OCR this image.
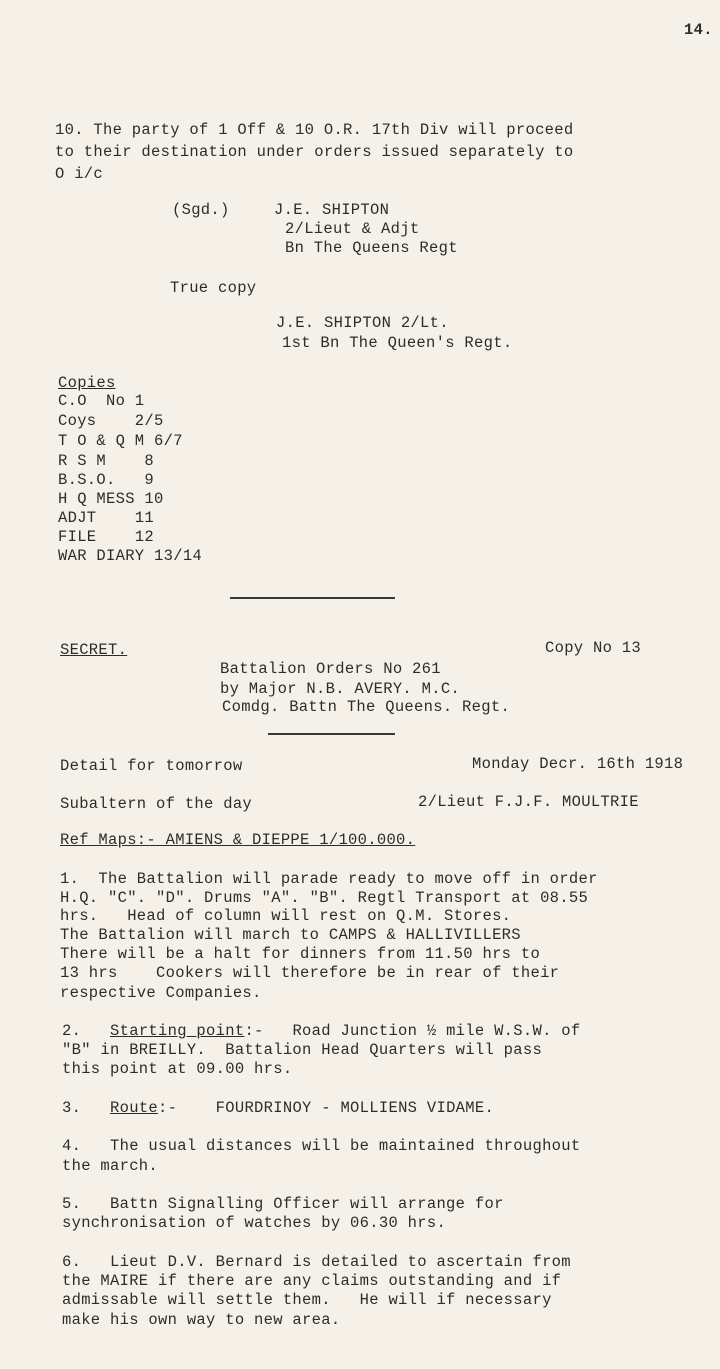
14.
10. The party of 1 Off & 10 O.R. 17th Div will proceed
to their destination under orders issued separately to
O i/c
(Sgd.)	J.E. SHIPTON
2/Lieut & Adjt
Bn The Queens Regt
True copy
J.E. SHIPTON 2/Lt.
1st Bn The Queen's Regt.
Copies
C.O  No 1
Coys    2/5
T O & Q M 6/7
R S M    8
B.S.O.   9
H Q MESS 10
ADJT    11
FILE    12
WAR DIARY 13/14
SECRET.	Copy No 13
Battalion Orders No 261
by Major N.B. AVERY. M.C.
Comdg. Battn The Queens. Regt.
Detail for tomorrow	Monday Decr. 16th 1918
Subaltern of the day	2/Lieut F.J.F. MOULTRIE
Ref Maps:- AMIENS & DIEPPE 1/100.000.
1.  The Battalion will parade ready to move off in order
H.Q. "C". "D". Drums "A". "B". Regtl Transport at 08.55
hrs.   Head of column will rest on Q.M. Stores.
The Battalion will march to CAMPS & HALLIVILLERS
There will be a halt for dinners from 11.50 hrs to
13 hrs    Cookers will therefore be in rear of their
respective Companies.
2. Starting point:-   Road Junction ½ mile W.S.W. of
"B" in BREILLY.  Battalion Head Quarters will pass
this point at 09.00 hrs.
3. Route:-    FOURDRINOY - MOLLIENS VIDAME.
4.   The usual distances will be maintained throughout
the march.
5.   Battn Signalling Officer will arrange for
synchronisation of watches by 06.30 hrs.
6.   Lieut D.V. Bernard is detailed to ascertain from
the MAIRE if there are any claims outstanding and if
admissable will settle them.   He will if necessary
make his own way to new area.
